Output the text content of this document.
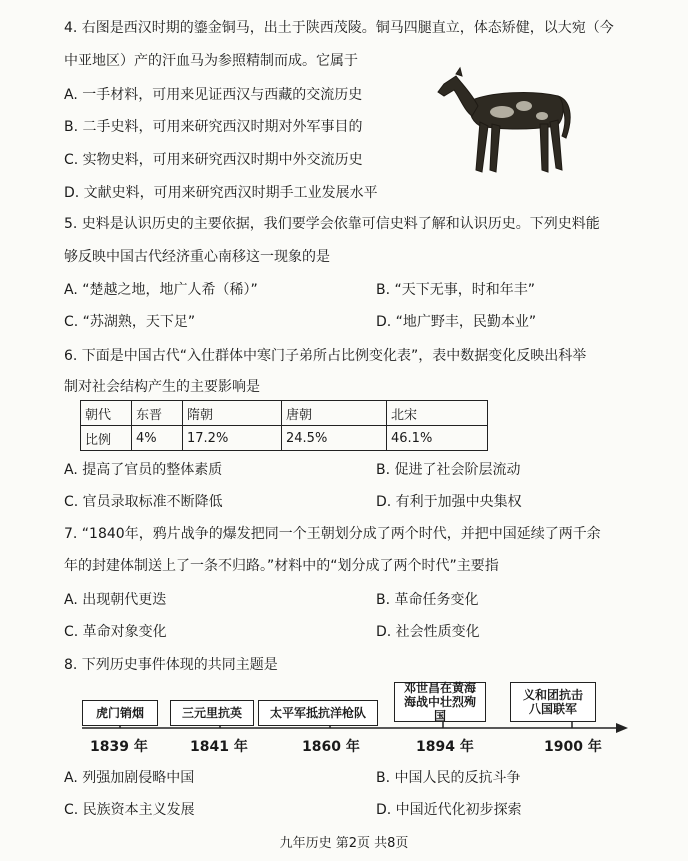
4. 右图是西汉时期的鎏金铜马，出土于陕西茂陵。铜马四腿直立，体态矫健，以大宛（今
中亚地区）产的汗血马为参照精制而成。它属于
A. 一手材料，可用来见证西汉与西藏的交流历史
B. 二手史料，可用来研究西汉时期对外军事目的
C. 实物史料，可用来研究西汉时期中外交流历史
D. 文献史料，可用来研究西汉时期手工业发展水平
5. 史料是认识历史的主要依据，我们要学会依靠可信史料了解和认识历史。下列史料能
够反映中国古代经济重心南移这一现象的是
A. “楚越之地，地广人希（稀）”	B. “天下无事，时和年丰”
C. “苏湖熟，天下足”	D. “地广野丰，民勤本业”
6. 下面是中国古代“入仕群体中寒门子弟所占比例变化表”，表中数据变化反映出科举
制对社会结构产生的主要影响是
朝代	东晋	隋朝	唐朝	北宋
比例	4%	17.2%	24.5%	46.1%
A. 提高了官员的整体素质	B. 促进了社会阶层流动
C. 官员录取标准不断降低	D. 有利于加强中央集权
7. “1840年，鸦片战争的爆发把同一个王朝划分成了两个时代，并把中国延续了两千余
年的封建体制送上了一条不归路。”材料中的“划分成了两个时代”主要指
A. 出现朝代更迭	B. 革命任务变化
C. 革命对象变化	D. 社会性质变化
8. 下列历史事件体现的共同主题是
虎门销烟	三元里抗英	太平军抵抗洋枪队
邓世昌在黄海海战中壮烈殉国
义和团抗击八国联军
1839 年	1841 年	1860 年	1894 年	1900 年
A. 列强加剧侵略中国	B. 中国人民的反抗斗争
C. 民族资本主义发展	D. 中国近代化初步探索
九年历史 第2页 共8页
